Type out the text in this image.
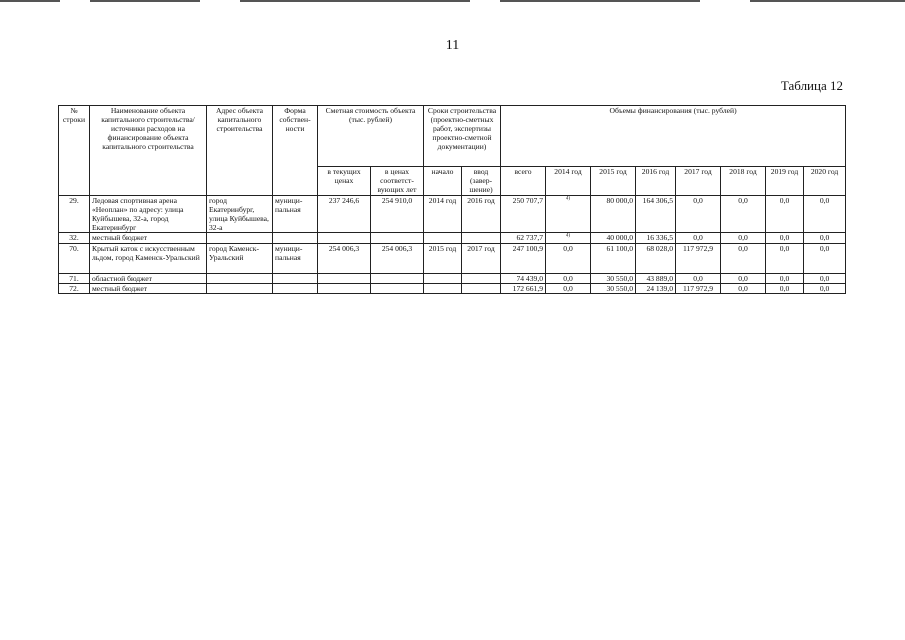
11
Таблица 12
№ строки	Наименование объекта капитального строительства/ источники расходов на финансирование объекта капитального строительства	Адрес объекта капитального строительства	Форма собствен-ности	Сметная стоимость объекта (тыс. рублей)		Сроки строительства (проектно-сметных работ, экспертизы проектно-сметной документации)		Объемы финансирования (тыс. рублей)							
				в текущих ценах	в ценах соответст-вующих лет	начало	ввод (завер-шение)	всего	2014 год	2015 год	2016 год	2017 год	2018 год	2019 год	2020 год
29.	Ледовая спортивная арена «Неоплан» по адресу: улица Куйбышева, 32-а, город Екатеринбург	город Екатеринбург, улица Куйбышева, 32-а	муници-пальная	237 246,6	254 910,0	2014 год	2016 год	250 707,7	$^{4)}$	80 000,0	164 306,5	0,0	0,0	0,0	0,0
32.	местный бюджет							62 737,7	$^{4)}$	40 000,0	16 336,5	0,0	0,0	0,0	0,0
70.	Крытый каток с искусственным льдом, город Каменск-Уральский	город Каменск-Уральский	муници-пальная	254 006,3	254 006,3	2015 год	2017 год	247 100,9	0,0	61 100,0	68 028,0	117 972,9	0,0	0,0	0,0
71.	областной бюджет							74 439,0	0,0	30 550,0	43 889,0	0,0	0,0	0,0	0,0
72.	местный бюджет							172 661,9	0,0	30 550,0	24 139,0	117 972,9	0,0	0,0	0,0
